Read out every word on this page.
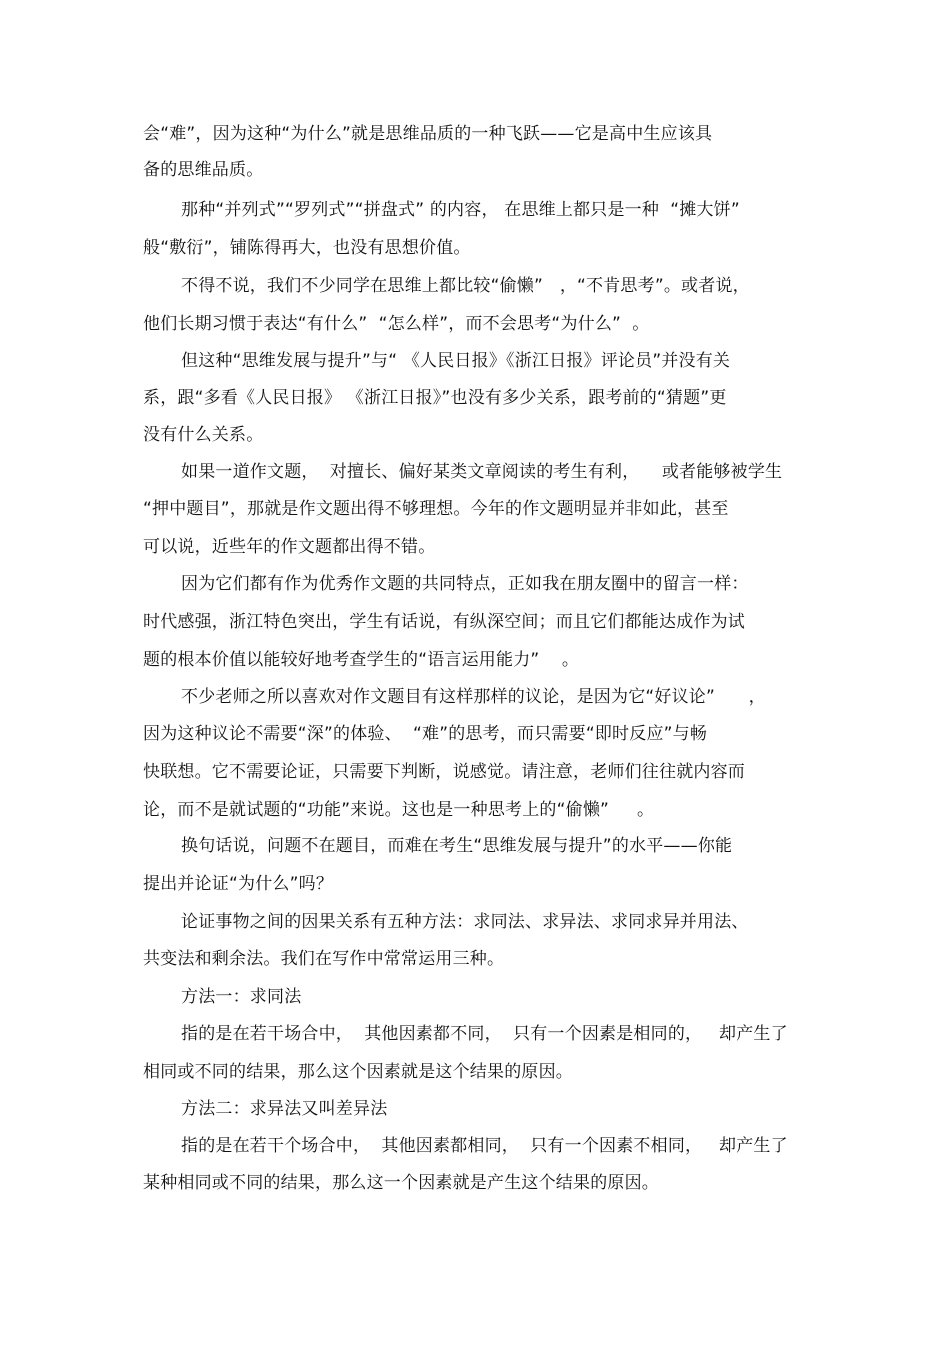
会“难”，因为这种“为什么”就是思维品质的一种飞跃——它是高中生应该具
备的思维品质。
那种“并列式”“罗列式”“拼盘式” 的内容， 在思维上都只是一种  “摊大饼”
般“敷衍”，铺陈得再大，也没有思想价值。
不得不说，我们不少同学在思维上都比较“偷懒”   ，“不肯思考”。或者说，
他们长期习惯于表达“有什么”  “怎么样”，而不会思考“为什么”  。
但这种“思维发展与提升”与“ 《人民日报》《浙江日报》评论员”并没有关
系，跟“多看《人民日报》 《浙江日报》”也没有多少关系，跟考前的“猜题”更
没有什么关系。
如果一道作文题，  对擅长、偏好某类文章阅读的考生有利，    或者能够被学生
“押中题目”，那就是作文题出得不够理想。今年的作文题明显并非如此，甚至
可以说，近些年的作文题都出得不错。
因为它们都有作为优秀作文题的共同特点，正如我在朋友圈中的留言一样：
时代感强，浙江特色突出，学生有话说，有纵深空间；而且它们都能达成作为试
题的根本价值以能较好地考查学生的“语言运用能力”    。
不少老师之所以喜欢对作文题目有这样那样的议论，是因为它“好议论”      ，
因为这种议论不需要“深”的体验、  “难”的思考，而只需要“即时反应”与畅
快联想。它不需要论证，只需要下判断，说感觉。请注意，老师们往往就内容而
论，而不是就试题的“功能”来说。这也是一种思考上的“偷懒”     。
换句话说，问题不在题目，而难在考生“思维发展与提升”的水平——你能
提出并论证“为什么”吗？
论证事物之间的因果关系有五种方法：求同法、求异法、求同求异并用法、
共变法和剩余法。我们在写作中常常运用三种。
方法一：求同法
指的是在若干场合中，  其他因素都不同，  只有一个因素是相同的，   却产生了
相同或不同的结果，那么这个因素就是这个结果的原因。
方法二：求异法又叫差异法
指的是在若干个场合中，  其他因素都相同，  只有一个因素不相同，   却产生了
某种相同或不同的结果，那么这一个因素就是产生这个结果的原因。
